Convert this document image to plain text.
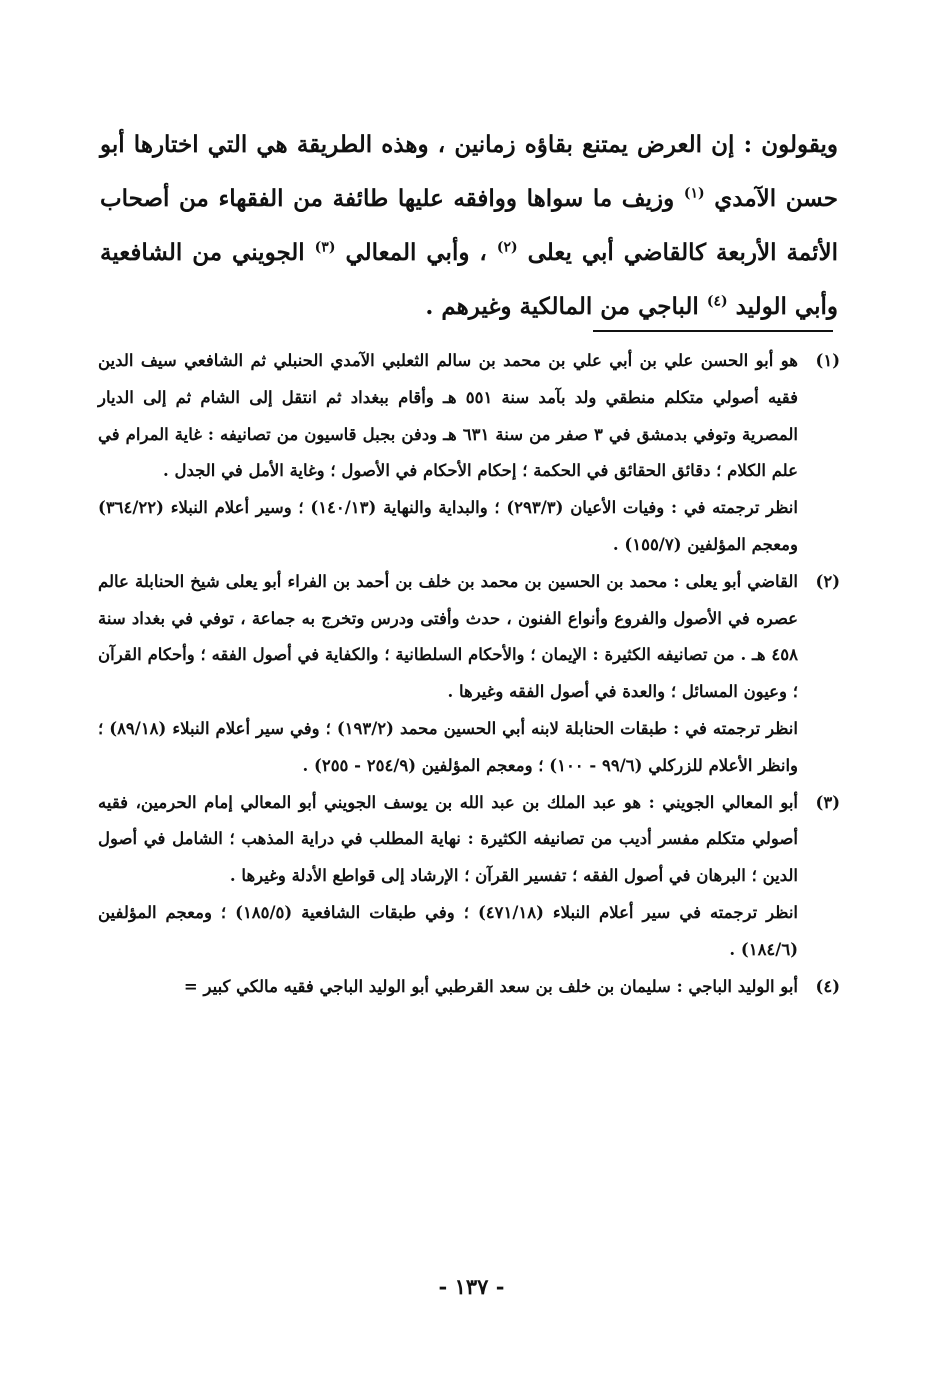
ويقولون : إن العرض يمتنع بقاؤه زمانين ، وهذه الطريقة هي التي اختارها أبو حسن الآمدي $^{(١)}$ وزيف ما سواها ووافقه عليها طائفة من الفقهاء من أصحاب الأئمة الأربعة كالقاضي أبي يعلى $^{(٢)}$ ، وأبي المعالي $^{(٣)}$ الجويني من الشافعية وأبي الوليد $^{(٤)}$ الباجي من المالكية وغيرهم .
(١)
هو أبو الحسن علي بن أبي علي بن محمد بن سالم الثعلبي الآمدي الحنبلي ثم الشافعي سيف الدين فقيه أصولي متكلم منطقي ولد بآمد سنة ٥٥١ هـ وأقام ببغداد ثم انتقل إلى الشام ثم إلى الديار المصرية وتوفي بدمشق في ٣ صفر من سنة ٦٣١ هـ ودفن بجبل قاسيون من تصانيفه : غاية المرام في علم الكلام ؛ دقائق الحقائق في الحكمة ؛ إحكام الأحكام في الأصول ؛ وغاية الأمل في الجدل .
انظر ترجمته في : وفيات الأعيان (٢٩٣/٣) ؛ والبداية والنهاية (١٤٠/١٣) ؛ وسير أعلام النبلاء (٣٦٤/٢٢) ومعجم المؤلفين (١٥٥/٧) .
(٢)
القاضي أبو يعلى : محمد بن الحسين بن محمد بن خلف بن أحمد بن الفراء أبو يعلى شيخ الحنابلة عالم عصره في الأصول والفروع وأنواع الفنون ، حدث وأفتى ودرس وتخرج به جماعة ، توفي في بغداد سنة ٤٥٨ هـ . من تصانيفه الكثيرة : الإيمان ؛ والأحكام السلطانية ؛ والكفاية في أصول الفقه ؛ وأحكام القرآن ؛ وعيون المسائل ؛ والعدة في أصول الفقه وغيرها .
انظر ترجمته في : طبقات الحنابلة لابنه أبي الحسين محمد (١٩٣/٢) ؛ وفي سير أعلام النبلاء (٨٩/١٨) ؛ وانظر الأعلام للزركلي (٩٩/٦ - ١٠٠) ؛ ومعجم المؤلفين (٢٥٤/٩ - ٢٥٥) .
(٣)
أبو المعالي الجويني : هو عبد الملك بن عبد الله بن يوسف الجويني أبو المعالي إمام الحرمين، فقيه أصولي متكلم مفسر أديب من تصانيفه الكثيرة : نهاية المطلب في دراية المذهب ؛ الشامل في أصول الدين ؛ البرهان في أصول الفقه ؛ تفسير القرآن ؛ الإرشاد إلى قواطع الأدلة وغيرها .
انظر ترجمته في سير أعلام النبلاء (٤٧١/١٨) ؛ وفي طبقات الشافعية (١٨٥/٥) ؛ ومعجم المؤلفين (١٨٤/٦) .
(٤)
أبو الوليد الباجي : سليمان بن خلف بن سعد القرطبي أبو الوليد الباجي فقيه مالكي كبير =
- ١٣٧ -
